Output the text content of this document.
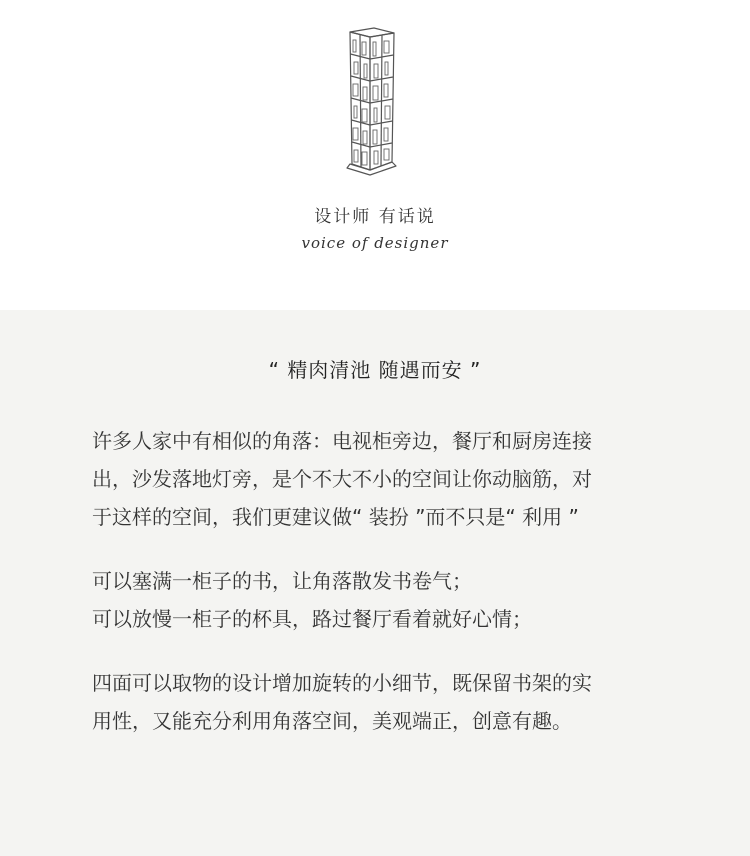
设计师 有话说
voice of designer
“ 精肉清池 随遇而安 ”
许多人家中有相似的角落：电视柜旁边，餐厅和厨房连接
出，沙发落地灯旁，是个不大不小的空间让你动脑筋，对
于这样的空间，我们更建议做“ 装扮 ”而不只是“ 利用 ”
可以塞满一柜子的书，让角落散发书卷气；
可以放慢一柜子的杯具，路过餐厅看着就好心情；
四面可以取物的设计增加旋转的小细节，既保留书架的实
用性，又能充分利用角落空间，美观端正，创意有趣。
